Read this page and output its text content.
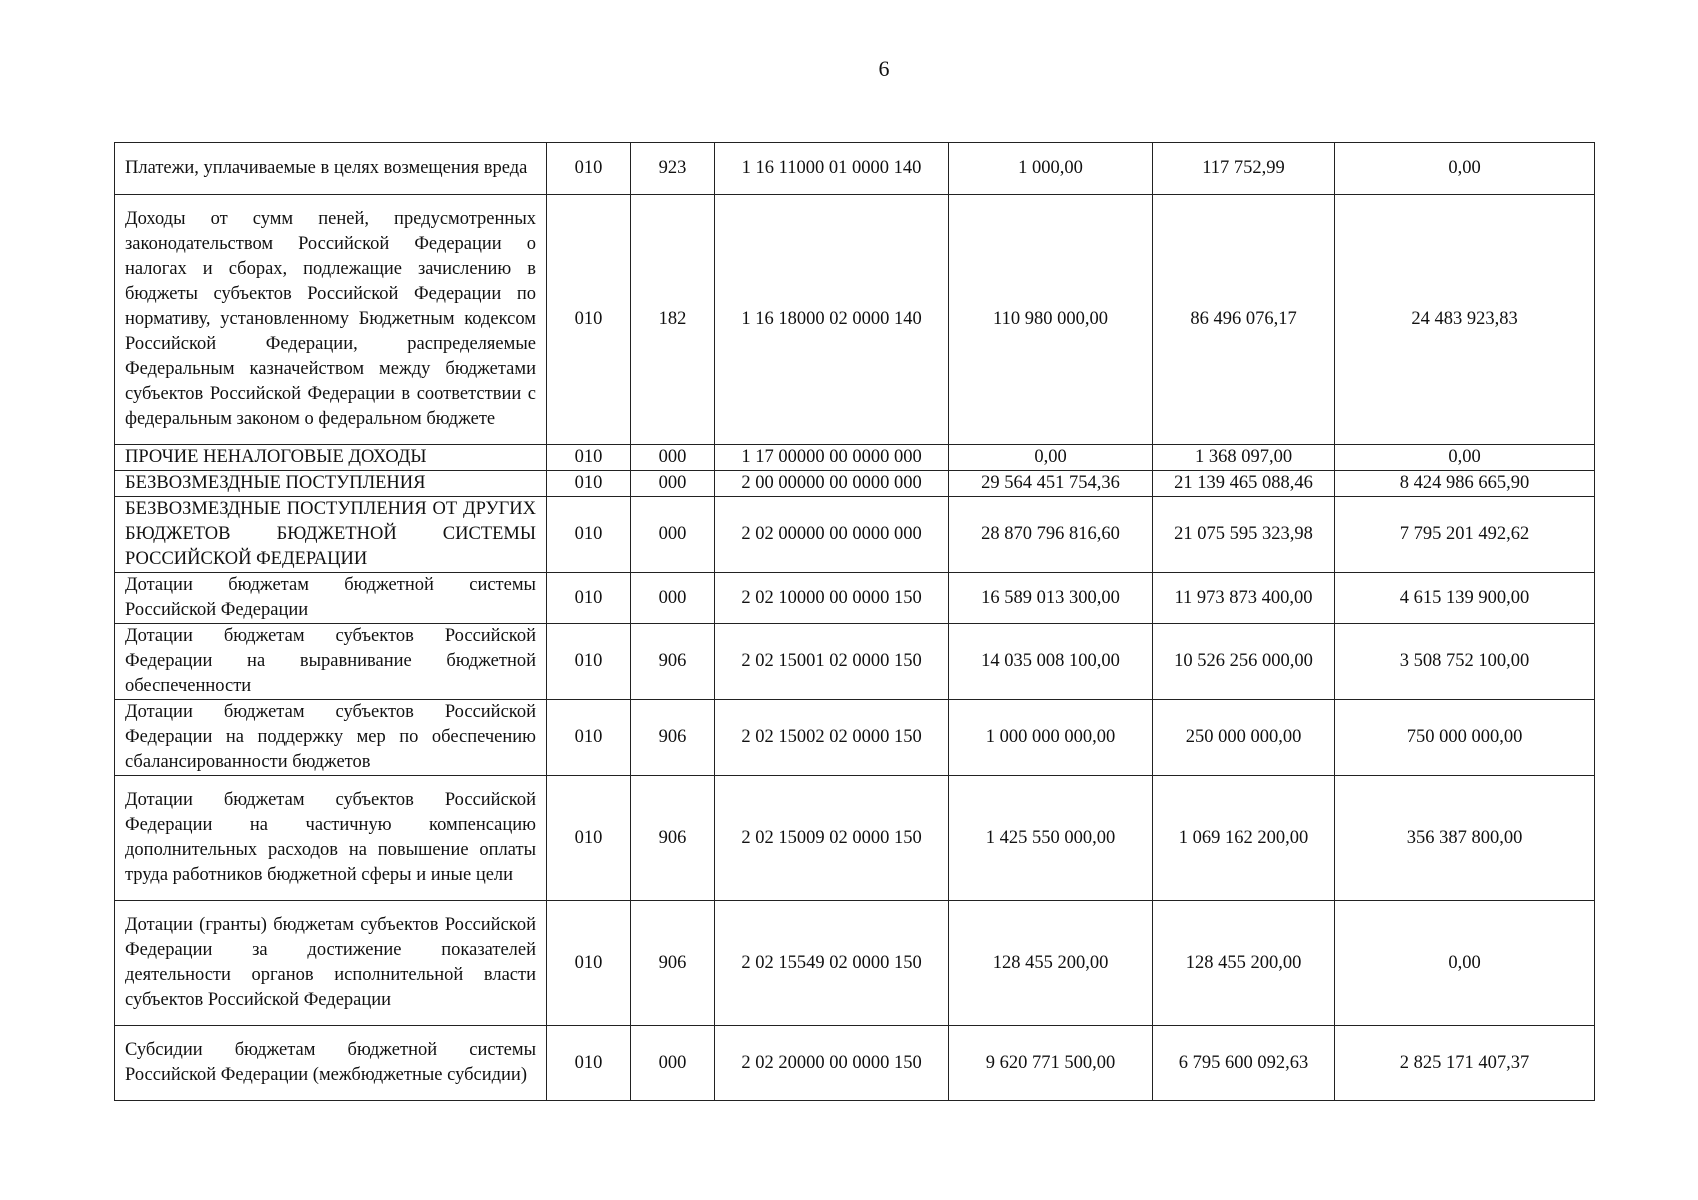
6
Платежи, уплачиваемые в целях возмещения вреда	010	923	1 16 11000 01 0000 140	1 000,00	117 752,99	0,00
Доходы от сумм пеней, предусмотренных законодательством Российской Федерации о налогах и сборах, подлежащие зачислению в бюджеты субъектов Российской Федерации по нормативу, установленному Бюджетным кодексом Российской Федерации, распределяемые Федеральным казначейством между бюджетами субъектов Российской Федерации в соответствии с федеральным законом о федеральном бюджете	010	182	1 16 18000 02 0000 140	110 980 000,00	86 496 076,17	24 483 923,83
ПРОЧИЕ НЕНАЛОГОВЫЕ ДОХОДЫ	010	000	1 17 00000 00 0000 000	0,00	1 368 097,00	0,00
БЕЗВОЗМЕЗДНЫЕ ПОСТУПЛЕНИЯ	010	000	2 00 00000 00 0000 000	29 564 451 754,36	21 139 465 088,46	8 424 986 665,90
БЕЗВОЗМЕЗДНЫЕ ПОСТУПЛЕНИЯ ОТ ДРУГИХ БЮДЖЕТОВ БЮДЖЕТНОЙ СИСТЕМЫ РОССИЙСКОЙ ФЕДЕРАЦИИ	010	000	2 02 00000 00 0000 000	28 870 796 816,60	21 075 595 323,98	7 795 201 492,62
Дотации бюджетам бюджетной системы Российской Федерации	010	000	2 02 10000 00 0000 150	16 589 013 300,00	11 973 873 400,00	4 615 139 900,00
Дотации бюджетам субъектов Российской Федерации на выравнивание бюджетной обеспеченности	010	906	2 02 15001 02 0000 150	14 035 008 100,00	10 526 256 000,00	3 508 752 100,00
Дотации бюджетам субъектов Российской Федерации на поддержку мер по обеспечению сбалансированности бюджетов	010	906	2 02 15002 02 0000 150	1 000 000 000,00	250 000 000,00	750 000 000,00
Дотации бюджетам субъектов Российской Федерации на частичную компенсацию дополнительных расходов на повышение оплаты труда работников бюджетной сферы и иные цели	010	906	2 02 15009 02 0000 150	1 425 550 000,00	1 069 162 200,00	356 387 800,00
Дотации (гранты) бюджетам субъектов Российской Федерации за достижение показателей деятельности органов исполнительной власти субъектов Российской Федерации	010	906	2 02 15549 02 0000 150	128 455 200,00	128 455 200,00	0,00
Субсидии бюджетам бюджетной системы Российской Федерации (межбюджетные субсидии)	010	000	2 02 20000 00 0000 150	9 620 771 500,00	6 795 600 092,63	2 825 171 407,37
